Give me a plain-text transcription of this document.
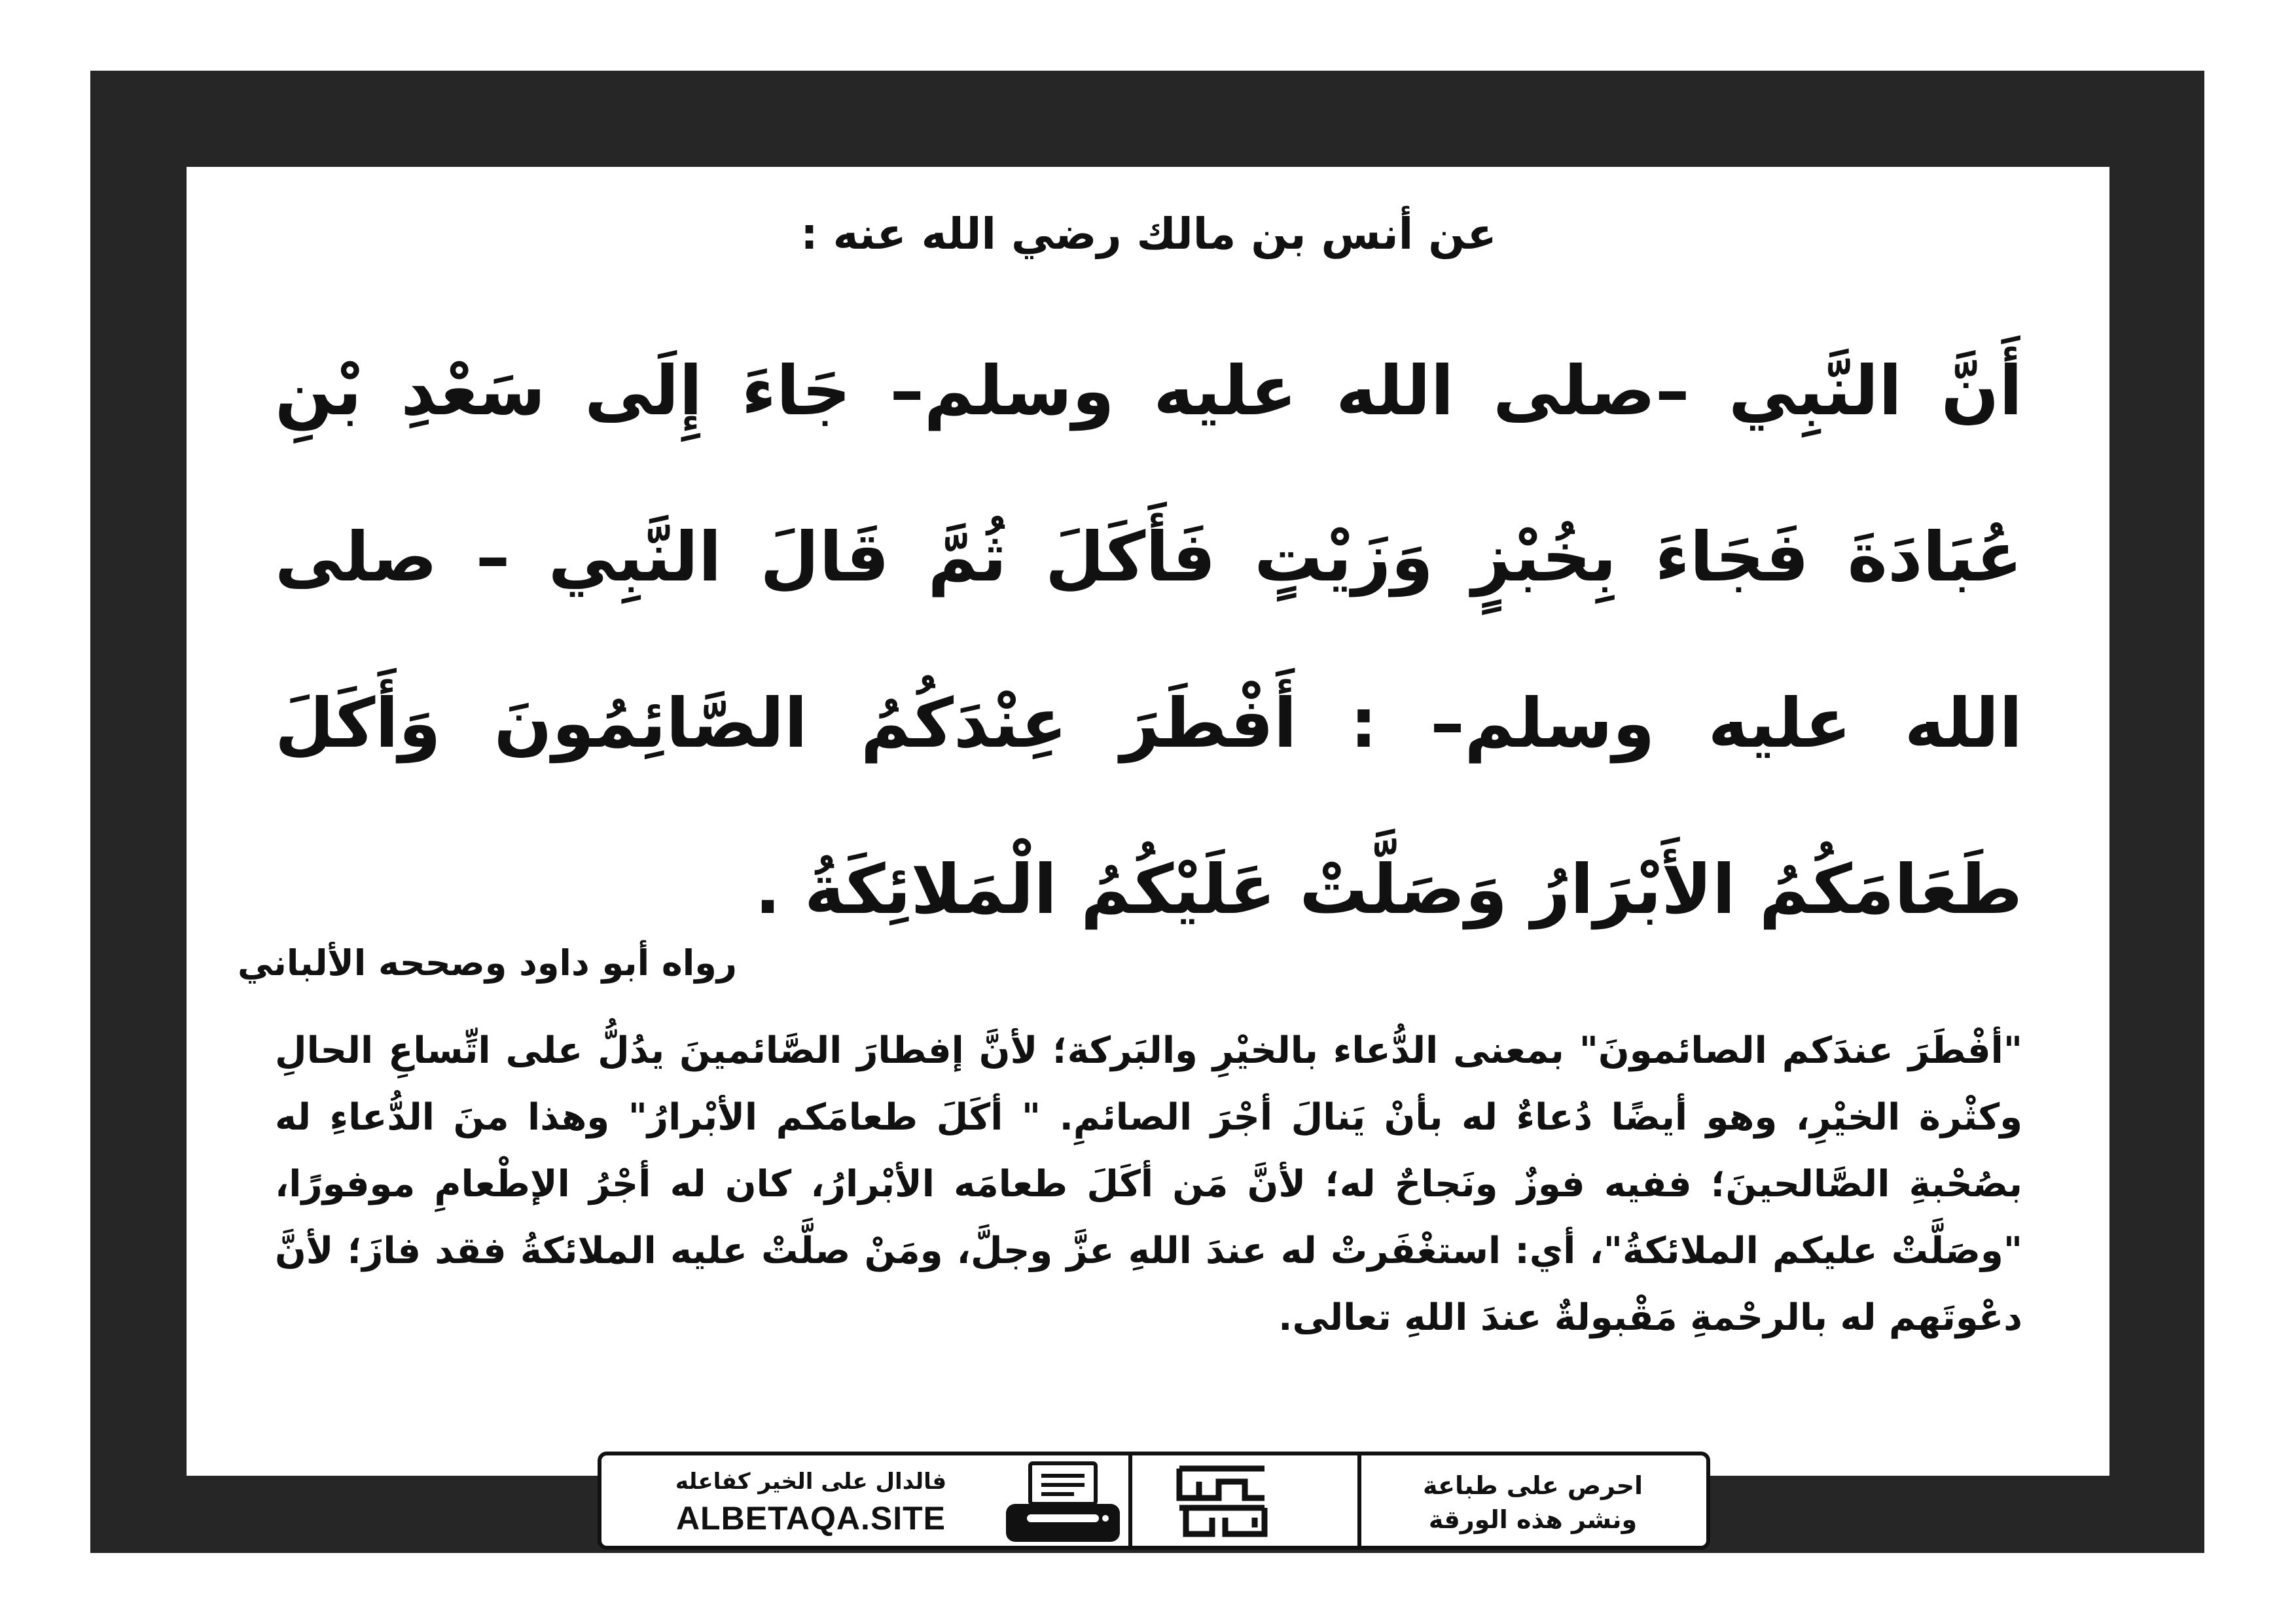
عن أنس بن مالك رضي الله عنه :

أَنَّ النَّبِي –صلى الله عليه وسلم– جَاءَ إِلَى سَعْدِ بْنِ
عُبَادَةَ فَجَاءَ بِخُبْزٍ وَزَيْتٍ فَأَكَلَ ثُمَّ قَالَ النَّبِي – صلى
الله عليه وسلم– : أَفْطَرَ عِنْدَكُمُ الصَّائِمُونَ وَأَكَلَ
طَعَامَكُمُ الأَبْرَارُ وَصَلَّتْ عَلَيْكُمُ الْمَلائِكَةُ .

رواه أبو داود وصححه الألباني

"أفْطَرَ عندَكم الصائمونَ" بمعنى الدُّعاء بالخيْرِ والبَركة؛ لأنَّ إفطارَ الصَّائمينَ يدُلُّ على اتِّساعِ الحالِ وكثْرة الخيْرِ، وهو أيضًا دُعاءٌ له بأنْ يَنالَ أجْرَ الصائمِ. " أكَلَ طعامَكم الأبْرارُ" وهذا منَ الدُّعاءِ له بصُحْبةِ الصَّالحينَ؛ ففيه فوزٌ ونَجاحٌ له؛ لأنَّ مَن أكَلَ طعامَه الأبْرارُ، كان له أجْرُ الإطْعامِ موفورًا، "وصَلَّتْ عليكم الملائكةُ"، أي: استغْفَرتْ له عندَ اللهِ عزَّ وجلَّ، ومَنْ صلَّتْ عليه الملائكةُ فقد فازَ؛ لأنَّ دعْوتَهم له بالرحْمةِ مَقْبولةٌ عندَ اللهِ تعالى.

احرص على طباعة
ونشر هذه الورقة
فالدال على الخير كفاعله
ALBETAQA.SITE
